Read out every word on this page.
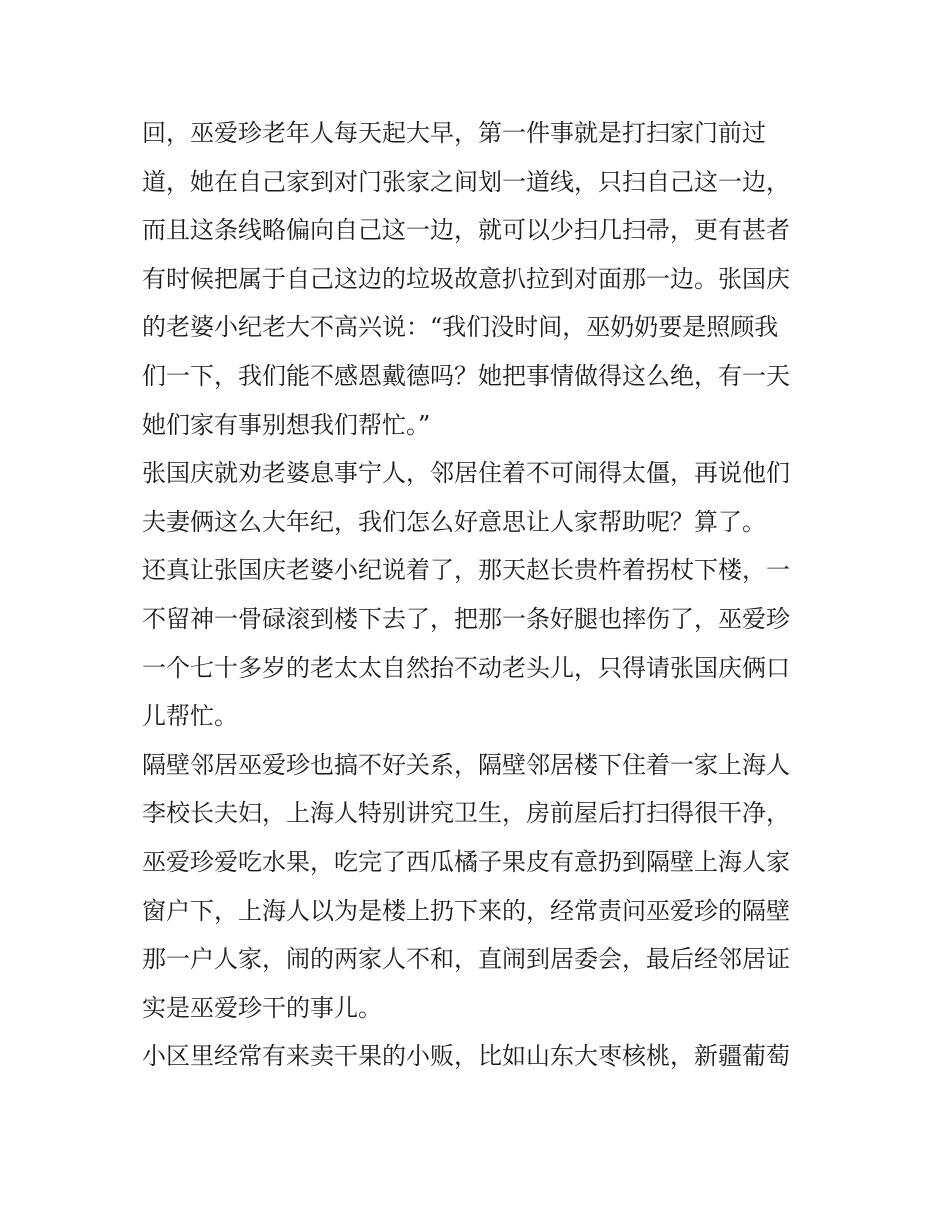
回，巫爱珍老年人每天起大早，第一件事就是打扫家门前过
道，她在自己家到对门张家之间划一道线，只扫自己这一边，
而且这条线略偏向自己这一边，就可以少扫几扫帚，更有甚者
有时候把属于自己这边的垃圾故意扒拉到对面那一边。张国庆
的老婆小纪老大不高兴说：“我们没时间，巫奶奶要是照顾我
们一下，我们能不感恩戴德吗？她把事情做得这么绝，有一天
她们家有事别想我们帮忙。”
张国庆就劝老婆息事宁人，邻居住着不可闹得太僵，再说他们
夫妻俩这么大年纪，我们怎么好意思让人家帮助呢？算了。
还真让张国庆老婆小纪说着了，那天赵长贵杵着拐杖下楼，一
不留神一骨碌滚到楼下去了，把那一条好腿也摔伤了，巫爱珍
一个七十多岁的老太太自然抬不动老头儿，只得请张国庆俩口
儿帮忙。
隔壁邻居巫爱珍也搞不好关系，隔壁邻居楼下住着一家上海人
李校长夫妇，上海人特别讲究卫生，房前屋后打扫得很干净，
巫爱珍爱吃水果，吃完了西瓜橘子果皮有意扔到隔壁上海人家
窗户下，上海人以为是楼上扔下来的，经常责问巫爱珍的隔壁
那一户人家，闹的两家人不和，直闹到居委会，最后经邻居证
实是巫爱珍干的事儿。
小区里经常有来卖干果的小贩，比如山东大枣核桃，新疆葡萄
